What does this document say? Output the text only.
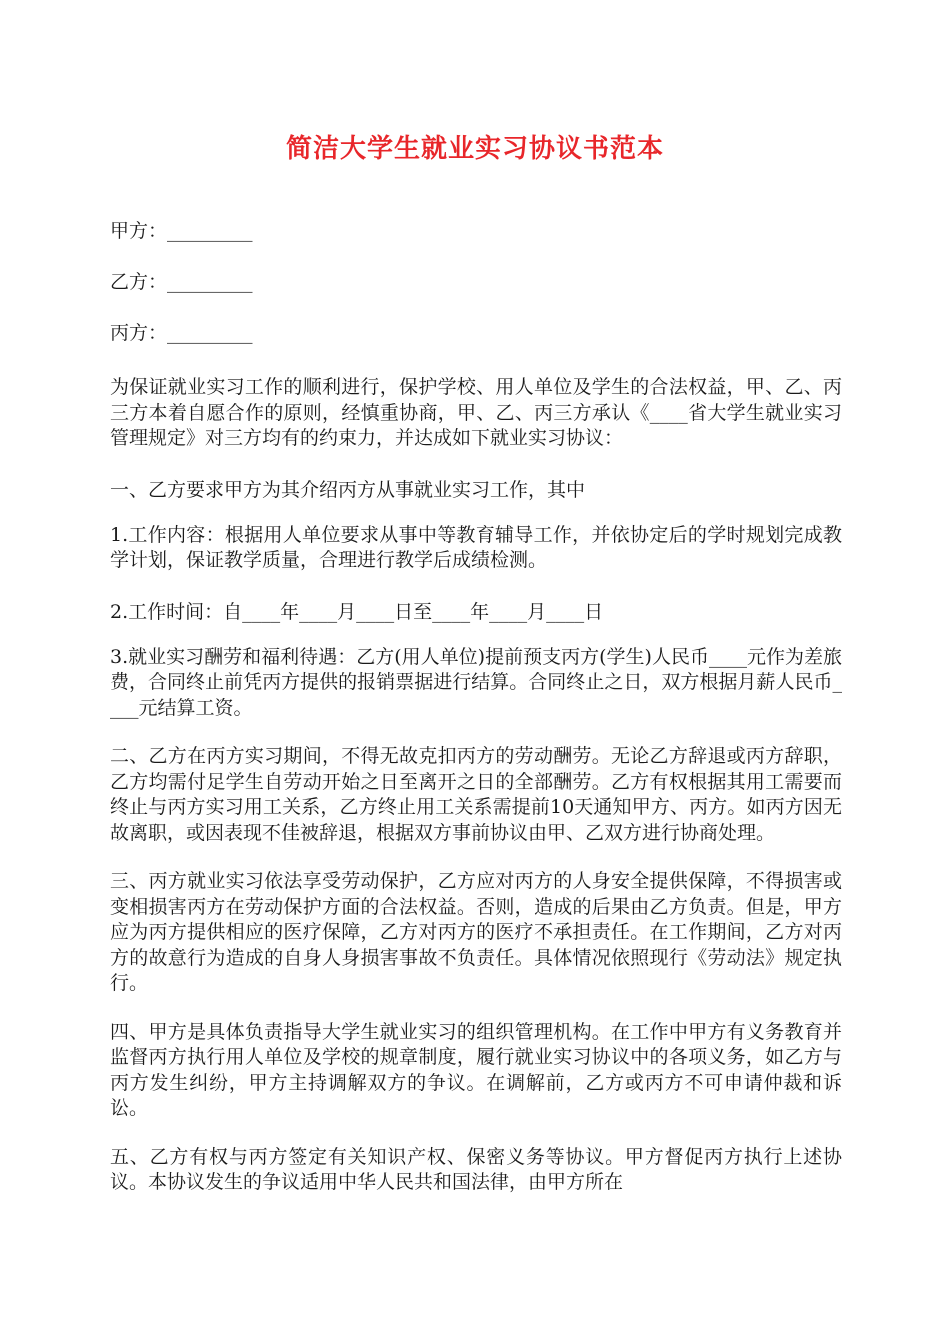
简洁大学生就业实习协议书范本

甲方：_________

乙方：_________

丙方：_________

为保证就业实习工作的顺利进行，保护学校、用人单位及学生的合法权益，甲、乙、丙三方本着自愿合作的原则，经慎重协商，甲、乙、丙三方承认《____省大学生就业实习管理规定》对三方均有的约束力，并达成如下就业实习协议：

一、乙方要求甲方为其介绍丙方从事就业实习工作，其中

1.工作内容：根据用人单位要求从事中等教育辅导工作，并依协定后的学时规划完成教学计划，保证教学质量，合理进行教学后成绩检测。

2.工作时间：自____年____月____日至____年____月____日

3.就业实习酬劳和福利待遇：乙方(用人单位)提前预支丙方(学生)人民币____元作为差旅费，合同终止前凭丙方提供的报销票据进行结算。合同终止之日，双方根据月薪人民币____元结算工资。

二、乙方在丙方实习期间，不得无故克扣丙方的劳动酬劳。无论乙方辞退或丙方辞职，乙方均需付足学生自劳动开始之日至离开之日的全部酬劳。乙方有权根据其用工需要而终止与丙方实习用工关系，乙方终止用工关系需提前10天通知甲方、丙方。如丙方因无故离职，或因表现不佳被辞退，根据双方事前协议由甲、乙双方进行协商处理。

三、丙方就业实习依法享受劳动保护，乙方应对丙方的人身安全提供保障，不得损害或变相损害丙方在劳动保护方面的合法权益。否则，造成的后果由乙方负责。但是，甲方应为丙方提供相应的医疗保障，乙方对丙方的医疗不承担责任。在工作期间，乙方对丙方的故意行为造成的自身人身损害事故不负责任。具体情况依照现行《劳动法》规定执行。

四、甲方是具体负责指导大学生就业实习的组织管理机构。在工作中甲方有义务教育并监督丙方执行用人单位及学校的规章制度，履行就业实习协议中的各项义务，如乙方与丙方发生纠纷，甲方主持调解双方的争议。在调解前，乙方或丙方不可申请仲裁和诉讼。

五、乙方有权与丙方签定有关知识产权、保密义务等协议。甲方督促丙方执行上述协议。本协议发生的争议适用中华人民共和国法律，由甲方所在
